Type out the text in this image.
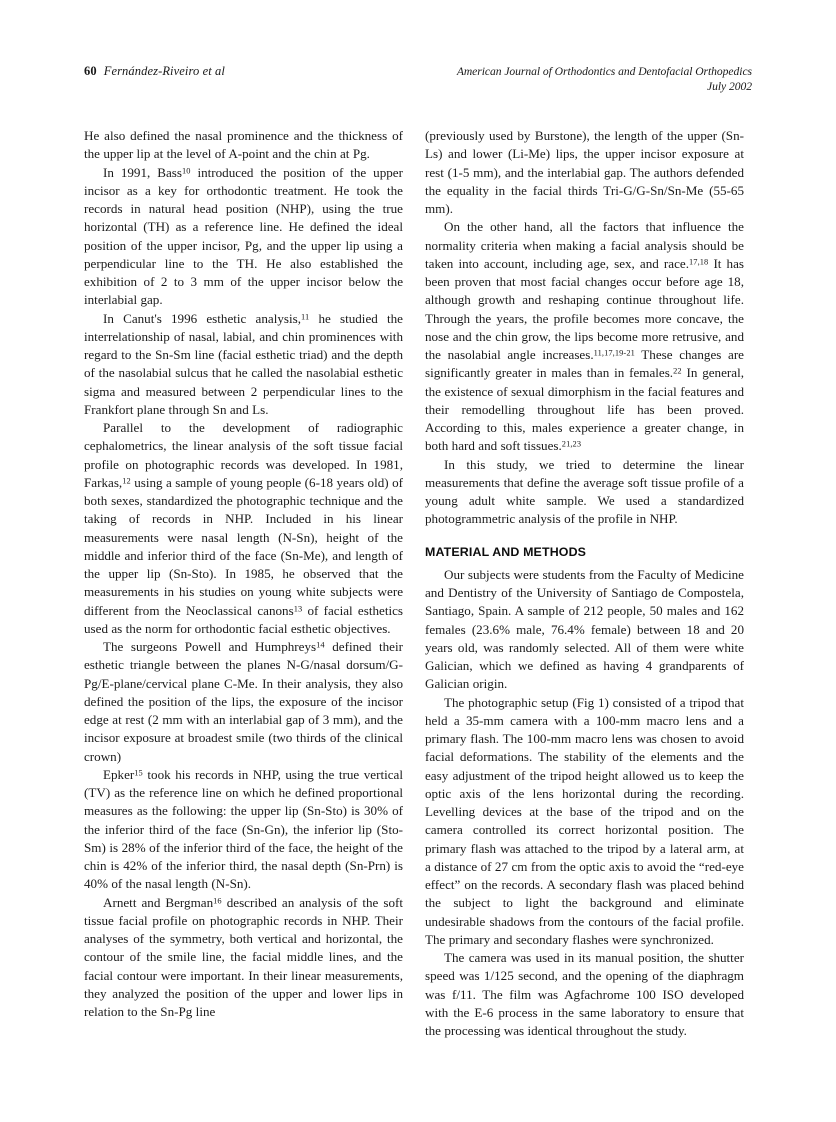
60 Fernández-Riveiro et al	American Journal of Orthodontics and Dentofacial Orthopedics
July 2002

He also defined the nasal prominence and the thickness of the upper lip at the level of A-point and the chin at Pg.

In 1991, Bass$^{10}$ introduced the position of the upper incisor as a key for orthodontic treatment. He took the records in natural head position (NHP), using the true horizontal (TH) as a reference line. He defined the ideal position of the upper incisor, Pg, and the upper lip using a perpendicular line to the TH. He also established the exhibition of 2 to 3 mm of the upper incisor below the interlabial gap.

In Canut's 1996 esthetic analysis,$^{11}$ he studied the interrelationship of nasal, labial, and chin prominences with regard to the Sn-Sm line (facial esthetic triad) and the depth of the nasolabial sulcus that he called the nasolabial esthetic sigma and measured between 2 perpendicular lines to the Frankfort plane through Sn and Ls.

Parallel to the development of radiographic cephalometrics, the linear analysis of the soft tissue facial profile on photographic records was developed. In 1981, Farkas,$^{12}$ using a sample of young people (6-18 years old) of both sexes, standardized the photographic technique and the taking of records in NHP. Included in his linear measurements were nasal length (N-Sn), height of the middle and inferior third of the face (Sn-Me), and length of the upper lip (Sn-Sto). In 1985, he observed that the measurements in his studies on young white subjects were different from the Neoclassical canons$^{13}$ of facial esthetics used as the norm for orthodontic facial esthetic objectives.

The surgeons Powell and Humphreys$^{14}$ defined their esthetic triangle between the planes N-G/nasal dorsum/G-Pg/E-plane/cervical plane C-Me. In their analysis, they also defined the position of the lips, the exposure of the incisor edge at rest (2 mm with an interlabial gap of 3 mm), and the incisor exposure at broadest smile (two thirds of the clinical crown)

Epker$^{15}$ took his records in NHP, using the true vertical (TV) as the reference line on which he defined proportional measures as the following: the upper lip (Sn-Sto) is 30% of the inferior third of the face (Sn-Gn), the inferior lip (Sto-Sm) is 28% of the inferior third of the face, the height of the chin is 42% of the inferior third, the nasal depth (Sn-Prn) is 40% of the nasal length (N-Sn).

Arnett and Bergman$^{16}$ described an analysis of the soft tissue facial profile on photographic records in NHP. Their analyses of the symmetry, both vertical and horizontal, the contour of the smile line, the facial middle lines, and the facial contour were important. In their linear measurements, they analyzed the position of the upper and lower lips in relation to the Sn-Pg line

(previously used by Burstone), the length of the upper (Sn-Ls) and lower (Li-Me) lips, the upper incisor exposure at rest (1-5 mm), and the interlabial gap. The authors defended the equality in the facial thirds Tri-G/G-Sn/Sn-Me (55-65 mm).

On the other hand, all the factors that influence the normality criteria when making a facial analysis should be taken into account, including age, sex, and race.$^{17,18}$ It has been proven that most facial changes occur before age 18, although growth and reshaping continue throughout life. Through the years, the profile becomes more concave, the nose and the chin grow, the lips become more retrusive, and the nasolabial angle increases.$^{11,17,19-21}$ These changes are significantly greater in males than in females.$^{22}$ In general, the existence of sexual dimorphism in the facial features and their remodelling throughout life has been proved. According to this, males experience a greater change, in both hard and soft tissues.$^{21,23}$

In this study, we tried to determine the linear measurements that define the average soft tissue profile of a young adult white sample. We used a standardized photogrammetric analysis of the profile in NHP.

MATERIAL AND METHODS

Our subjects were students from the Faculty of Medicine and Dentistry of the University of Santiago de Compostela, Santiago, Spain. A sample of 212 people, 50 males and 162 females (23.6% male, 76.4% female) between 18 and 20 years old, was randomly selected. All of them were white Galician, which we defined as having 4 grandparents of Galician origin.

The photographic setup (Fig 1) consisted of a tripod that held a 35-mm camera with a 100-mm macro lens and a primary flash. The 100-mm macro lens was chosen to avoid facial deformations. The stability of the elements and the easy adjustment of the tripod height allowed us to keep the optic axis of the lens horizontal during the recording. Levelling devices at the base of the tripod and on the camera controlled its correct horizontal position. The primary flash was attached to the tripod by a lateral arm, at a distance of 27 cm from the optic axis to avoid the “red-eye effect” on the records. A secondary flash was placed behind the subject to light the background and eliminate undesirable shadows from the contours of the facial profile. The primary and secondary flashes were synchronized.

The camera was used in its manual position, the shutter speed was 1/125 second, and the opening of the diaphragm was f/11. The film was Agfachrome 100 ISO developed with the E-6 process in the same laboratory to ensure that the processing was identical throughout the study.
